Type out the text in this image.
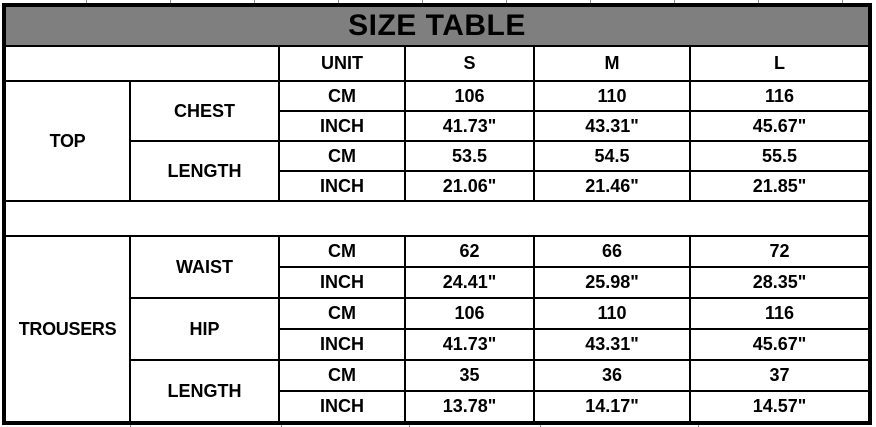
SIZE TABLE					
		UNIT	S	M	L
TOP	CHEST	CM	106	110	116
		INCH	41.73"	43.31"	45.67"
	LENGTH	CM	53.5	54.5	55.5
		INCH	21.06"	21.46"	21.85"

TROUSERS	WAIST	CM	62	66	72
		INCH	24.41"	25.98"	28.35"
	HIP	CM	106	110	116
		INCH	41.73"	43.31"	45.67"
	LENGTH	CM	35	36	37
		INCH	13.78"	14.17"	14.57"
